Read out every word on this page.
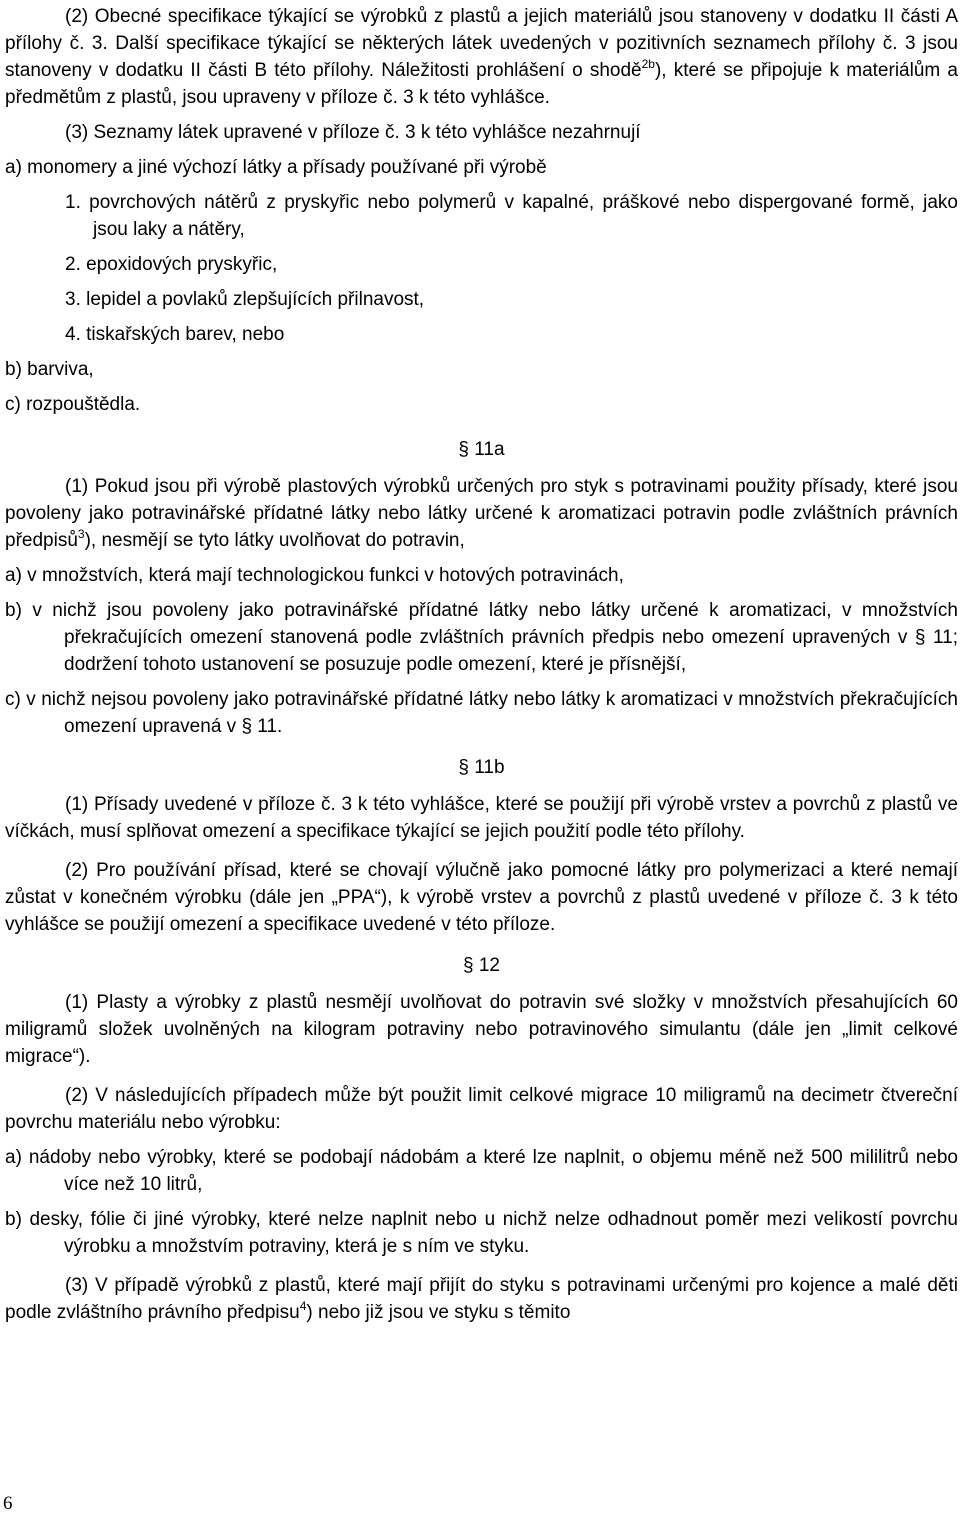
(2) Obecné specifikace týkající se výrobků z plastů a jejich materiálů jsou stanoveny v dodatku II části A přílohy č. 3. Další specifikace týkající se některých látek uvedených v pozitivních seznamech přílohy č. 3 jsou stanoveny v dodatku II části B této přílohy. Náležitosti prohlášení o shodě$^{2b}$), které se připojuje k materiálům a předmětům z plastů, jsou upraveny v příloze č. 3 k této vyhlášce.

(3) Seznamy látek upravené v příloze č. 3 k této vyhlášce nezahrnují

a) monomery a jiné výchozí látky a přísady používané při výrobě

1. povrchových nátěrů z pryskyřic nebo polymerů v kapalné, práškové nebo dispergované formě, jako jsou laky a nátěry,

2. epoxidových pryskyřic,

3. lepidel a povlaků zlepšujících přilnavost,

4. tiskařských barev, nebo

b) barviva,

c) rozpouštědla.

§ 11a

(1) Pokud jsou při výrobě plastových výrobků určených pro styk s potravinami použity přísady, které jsou povoleny jako potravinářské přídatné látky nebo látky určené k aromatizaci potravin podle zvláštních právních předpisů$^3$), nesmějí se tyto látky uvolňovat do potravin,

a) v množstvích, která mají technologickou funkci v hotových potravinách,

b) v nichž jsou povoleny jako potravinářské přídatné látky nebo látky určené k aromatizaci, v množstvích překračujících omezení stanovená podle zvláštních právních předpis nebo omezení upravených v § 11; dodržení tohoto ustanovení se posuzuje podle omezení, které je přísnější,

c) v nichž nejsou povoleny jako potravinářské přídatné látky nebo látky k aromatizaci v množstvích překračujících omezení upravená v § 11.

§ 11b

(1) Přísady uvedené v příloze č. 3 k této vyhlášce, které se použijí při výrobě vrstev a povrchů z plastů ve víčkách, musí splňovat omezení a specifikace týkající se jejich použití podle této přílohy.

(2) Pro používání přísad, které se chovají výlučně jako pomocné látky pro polymerizaci a které nemají zůstat v konečném výrobku (dále jen „PPA“), k výrobě vrstev a povrchů z plastů uvedené v příloze č. 3 k této vyhlášce se použijí omezení a specifikace uvedené v této příloze.

§ 12

(1) Plasty a výrobky z plastů nesmějí uvolňovat do potravin své složky v množstvích přesahujících 60 miligramů složek uvolněných na kilogram potraviny nebo potravinového simulantu (dále jen „limit celkové migrace“).

(2) V následujících případech může být použit limit celkové migrace 10 miligramů na decimetr čtvereční povrchu materiálu nebo výrobku:

a) nádoby nebo výrobky, které se podobají nádobám a které lze naplnit, o objemu méně než 500 mililitrů nebo více než 10 litrů,

b) desky, fólie či jiné výrobky, které nelze naplnit nebo u nichž nelze odhadnout poměr mezi velikostí povrchu výrobku a množstvím potraviny, která je s ním ve styku.

(3) V případě výrobků z plastů, které mají přijít do styku s potravinami určenými pro kojence a malé děti podle zvláštního právního předpisu$^4$) nebo již jsou ve styku s těmito

6
